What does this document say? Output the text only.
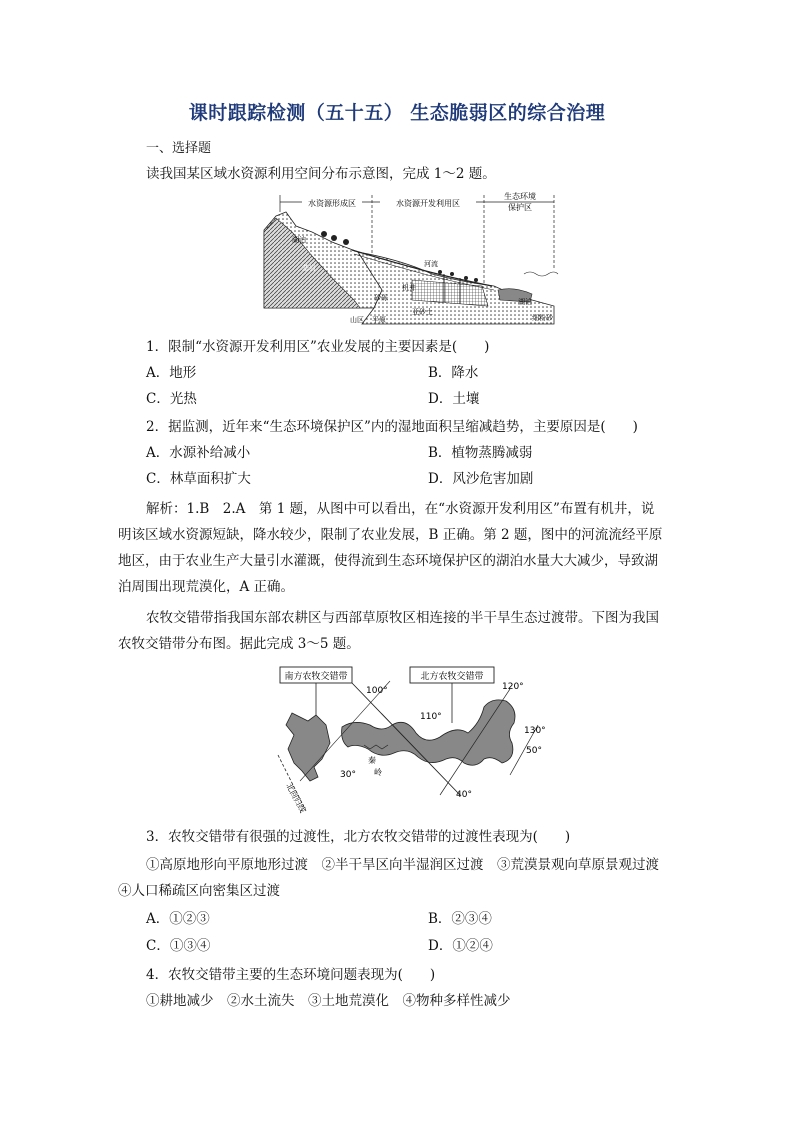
课时跟踪检测（五十五） 生态脆弱区的综合治理
一、选择题
读我国某区域水资源利用空间分布示意图，完成 1～2 题。
水资源形成区	水资源开发利用区
生态环境
保护区
湖泊
基岩	河流
机井
砂砾
亚砂土
湖泊
细粉砂
山区 平原
1．限制“水资源开发利用区”农业发展的主要因素是(　　)
A．地形	B．降水
C．光热	D．土壤
2．据监测，近年来“生态环境保护区”内的湿地面积呈缩减趋势，主要原因是(　　)
A．水源补给减小	B．植物蒸腾减弱
C．林草面积扩大	D．风沙危害加剧
解析：1.B　2.A　第 1 题，从图中可以看出，在“水资源开发利用区”布置有机井，说
明该区域水资源短缺，降水较少，限制了农业发展，B 正确。第 2 题，图中的河流流经平原
地区，由于农业生产大量引水灌溉，使得流到生态环境保护区的湖泊水量大大减少，导致湖
泊周围出现荒漠化，A 正确。
农牧交错带指我国东部农耕区与西部草原牧区相连接的半干旱生态过渡带。下图为我国
农牧交错带分布图。据此完成 3～5 题。
南方农牧交错带	北方农牧交错带
100°	120°
110°
130°
50°
30°
40°
秦
岭
北回归线
3．农牧交错带有很强的过渡性，北方农牧交错带的过渡性表现为(　　)
①高原地形向平原地形过渡　②半干旱区向半湿润区过渡　③荒漠景观向草原景观过渡
④人口稀疏区向密集区过渡
A．①②③	B．②③④
C．①③④	D．①②④
4．农牧交错带主要的生态环境问题表现为(　　)
①耕地减少　②水土流失　③土地荒漠化　④物种多样性减少
